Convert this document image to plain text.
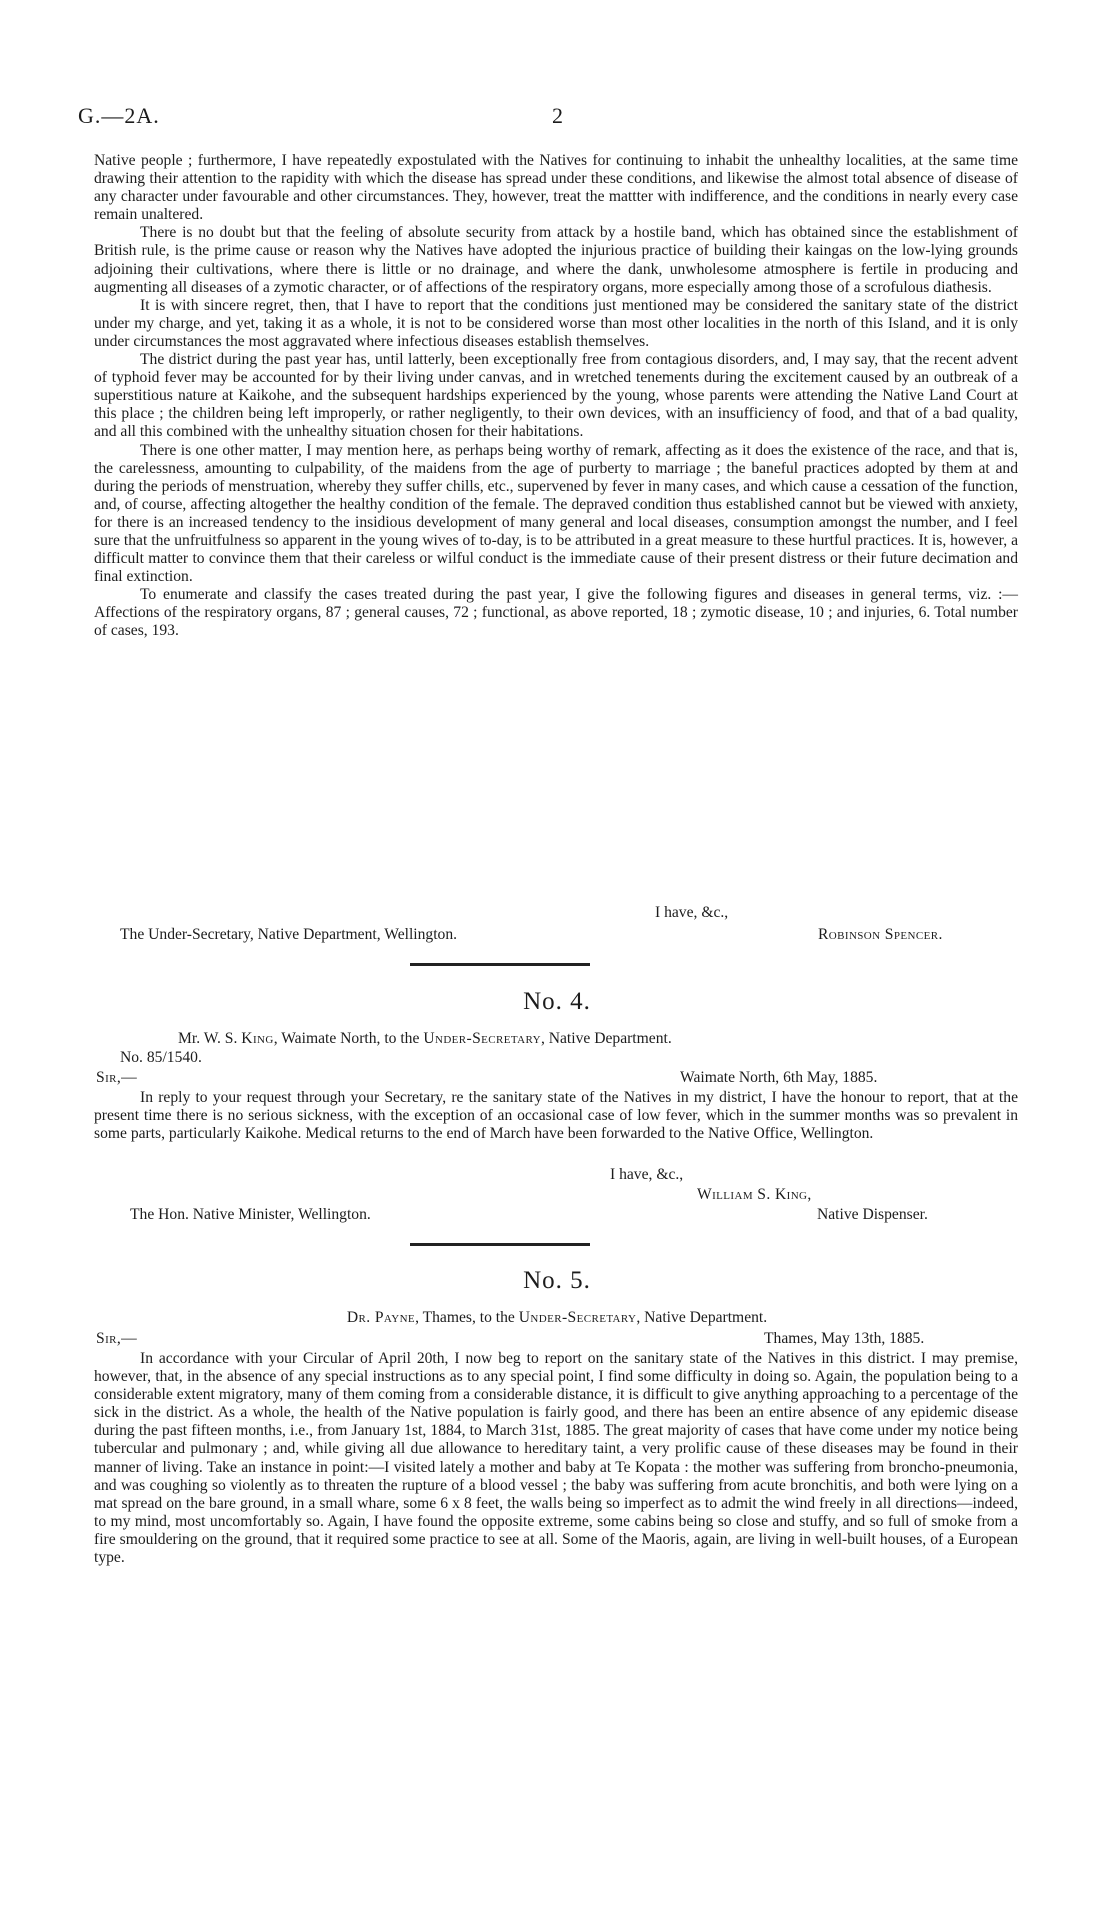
G.—2A.	2

Native people ; furthermore, I have repeatedly expostulated with the Natives for continuing to inhabit the unhealthy localities, at the same time drawing their attention to the rapidity with which the disease has spread under these conditions, and likewise the almost total absence of disease of any character under favourable and other circumstances. They, however, treat the mattter with indifference, and the conditions in nearly every case remain unaltered.

There is no doubt but that the feeling of absolute security from attack by a hostile band, which has obtained since the establishment of British rule, is the prime cause or reason why the Natives have adopted the injurious practice of building their kaingas on the low-lying grounds adjoining their cultivations, where there is little or no drainage, and where the dank, unwholesome atmosphere is fertile in producing and augmenting all diseases of a zymotic character, or of affections of the respiratory organs, more especially among those of a scrofulous diathesis.

It is with sincere regret, then, that I have to report that the conditions just mentioned may be considered the sanitary state of the district under my charge, and yet, taking it as a whole, it is not to be considered worse than most other localities in the north of this Island, and it is only under circumstances the most aggravated where infectious diseases establish themselves.

The district during the past year has, until latterly, been exceptionally free from contagious disorders, and, I may say, that the recent advent of typhoid fever may be accounted for by their living under canvas, and in wretched tenements during the excitement caused by an outbreak of a superstitious nature at Kaikohe, and the subsequent hardships experienced by the young, whose parents were attending the Native Land Court at this place ; the children being left improperly, or rather negligently, to their own devices, with an insufficiency of food, and that of a bad quality, and all this combined with the unhealthy situation chosen for their habitations.

There is one other matter, I may mention here, as perhaps being worthy of remark, affecting as it does the existence of the race, and that is, the carelessness, amounting to culpability, of the maidens from the age of purberty to marriage ; the baneful practices adopted by them at and during the periods of menstruation, whereby they suffer chills, etc., supervened by fever in many cases, and which cause a cessation of the function, and, of course, affecting altogether the healthy condition of the female. The depraved condition thus established cannot but be viewed with anxiety, for there is an increased tendency to the insidious development of many general and local diseases, consumption amongst the number, and I feel sure that the unfruitfulness so apparent in the young wives of to-day, is to be attributed in a great measure to these hurtful practices. It is, however, a difficult matter to convince them that their careless or wilful conduct is the immediate cause of their present distress or their future decimation and final extinction.

To enumerate and classify the cases treated during the past year, I give the following figures and diseases in general terms, viz. :—Affections of the respiratory organs, 87 ; general causes, 72 ; functional, as above reported, 18 ; zymotic disease, 10 ; and injuries, 6. Total number of cases, 193.

I have, &c.,
The Under-Secretary, Native Department, Wellington.	Robinson Spencer.
No. 4.
Mr. W. S. King, Waimate North, to the Under-Secretary, Native Department.
No. 85/1540.
Sir,—	Waimate North, 6th May, 1885.
In reply to your request through your Secretary, re the sanitary state of the Natives in my district, I have the honour to report, that at the present time there is no serious sickness, with the exception of an occasional case of low fever, which in the summer months was so prevalent in some parts, particularly Kaikohe. Medical returns to the end of March have been forwarded to the Native Office, Wellington.
I have, &c.,
William S. King,
The Hon. Native Minister, Wellington.	Native Dispenser.
No. 5.
Dr. Payne, Thames, to the Under-Secretary, Native Department.
Sir,—	Thames, May 13th, 1885.
In accordance with your Circular of April 20th, I now beg to report on the sanitary state of the Natives in this district. I may premise, however, that, in the absence of any special instructions as to any special point, I find some difficulty in doing so. Again, the population being to a considerable extent migratory, many of them coming from a considerable distance, it is difficult to give anything approaching to a percentage of the sick in the district. As a whole, the health of the Native population is fairly good, and there has been an entire absence of any epidemic disease during the past fifteen months, i.e., from January 1st, 1884, to March 31st, 1885. The great majority of cases that have come under my notice being tubercular and pulmonary ; and, while giving all due allowance to hereditary taint, a very prolific cause of these diseases may be found in their manner of living. Take an instance in point:—I visited lately a mother and baby at Te Kopata : the mother was suffering from broncho-pneumonia, and was coughing so violently as to threaten the rupture of a blood vessel ; the baby was suffering from acute bronchitis, and both were lying on a mat spread on the bare ground, in a small whare, some 6 x 8 feet, the walls being so imperfect as to admit the wind freely in all directions—indeed, to my mind, most uncomfortably so. Again, I have found the opposite extreme, some cabins being so close and stuffy, and so full of smoke from a fire smouldering on the ground, that it required some practice to see at all. Some of the Maoris, again, are living in well-built houses, of a European type.
